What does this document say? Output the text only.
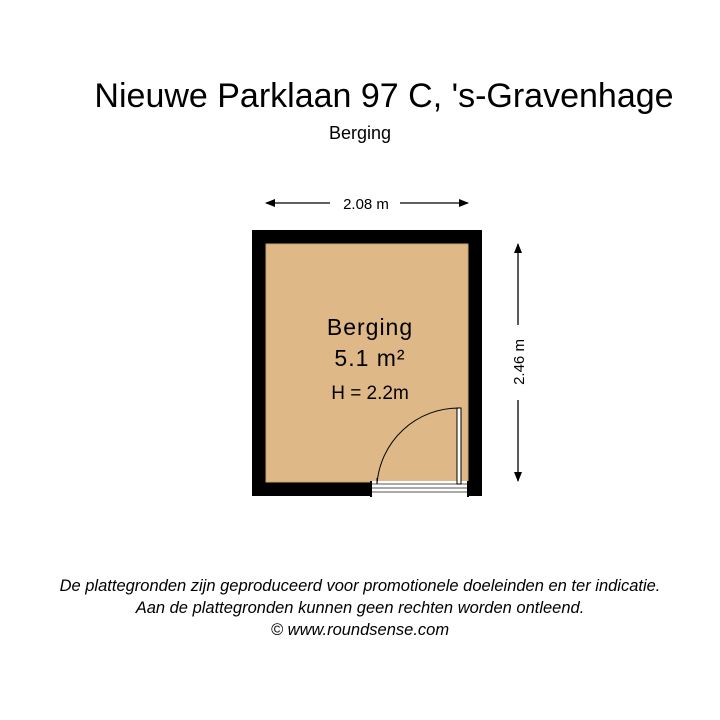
Nieuwe Parklaan 97 C, 's-Gravenhage
Berging
2.08 m
2.46 m
Berging
5.1 m²
H = 2.2m
De plattegronden zijn geproduceerd voor promotionele doeleinden en ter indicatie.
Aan de plattegronden kunnen geen rechten worden ontleend.
© www.roundsense.com
